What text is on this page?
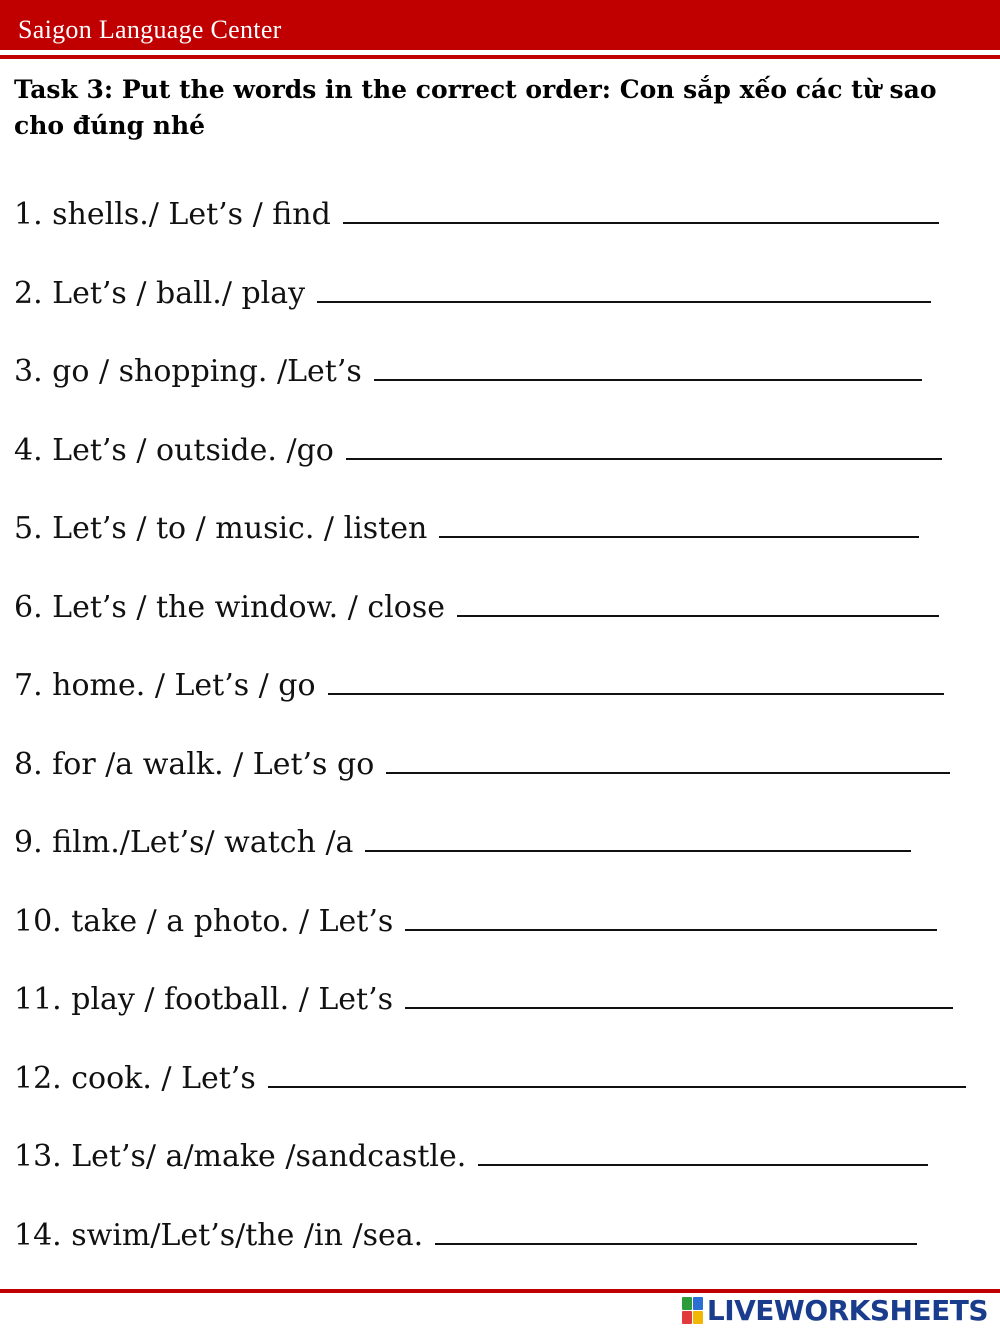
Saigon Language Center
Task 3: Put the words in the correct order: Con sắp xếo các từ sao cho đúng nhé
1. shells./ Let’s / find
2. Let’s / ball./ play
3. go / shopping. /Let’s
4. Let’s / outside. /go
5. Let’s / to / music. / listen
6. Let’s / the window. / close
7. home. / Let’s / go
8. for /a walk. / Let’s go
9. film./Let’s/ watch /a
10. take / a photo. / Let’s
11. play / football. / Let’s
12. cook. / Let’s
13. Let’s/ a/make /sandcastle.
14. swim/Let’s/the /in /sea.
LIVEWORKSHEETS
